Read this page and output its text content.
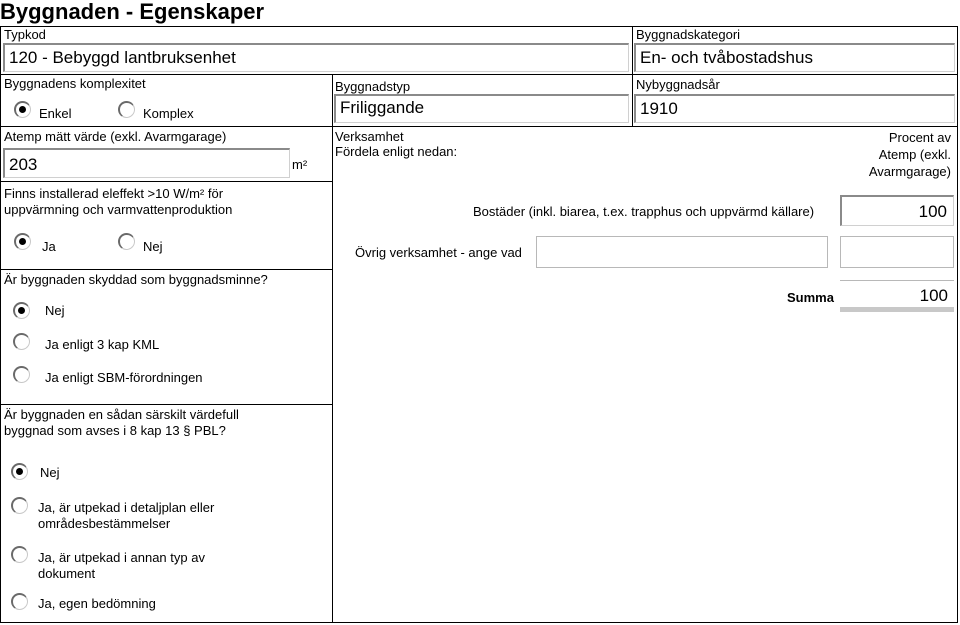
Byggnaden - Egenskaper
Typkod
120 - Bebyggd lantbruksenhet
Byggnadskategori
En- och tvåbostadshus
Byggnadens komplexitet
Enkel	Komplex
Byggnadstyp
Friliggande
Nybyggnadsår
1910
Atemp mätt värde (exkl. Avarmgarage)
203	m²
Verksamhet
Fördela enligt nedan:
Procent av
Atemp (exkl.
Avarmgarage)
Bostäder (inkl. biarea, t.ex. trapphus och uppvärmd källare)	100
Övrig verksamhet - ange vad
Summa	100
Finns installerad eleffekt >10 W/m² för
uppvärmning och varmvattenproduktion
Ja	Nej
Är byggnaden skyddad som byggnadsminne?
Nej
Ja enligt 3 kap KML
Ja enligt SBM-förordningen
Är byggnaden en sådan särskilt värdefull
byggnad som avses i 8 kap 13 § PBL?
Nej
Ja, är utpekad i detaljplan eller
områdesbestämmelser
Ja, är utpekad i annan typ av
dokument
Ja, egen bedömning
